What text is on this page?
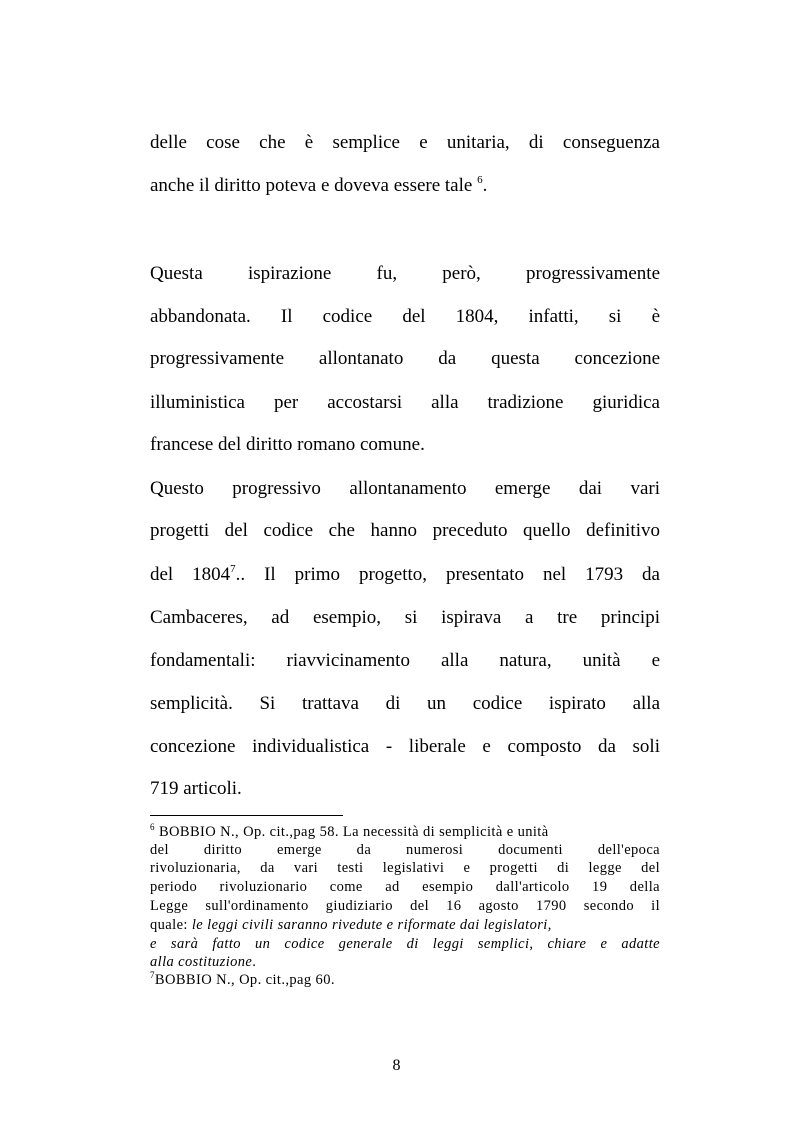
delle cose che è semplice e unitaria, di conseguenza
anche il diritto poteva e doveva essere tale $^6$.
Questa ispirazione fu, però, progressivamente
abbandonata. Il codice del 1804, infatti, si è
progressivamente allontanato da questa concezione
illuministica per accostarsi alla tradizione giuridica
francese del diritto romano comune.
Questo progressivo allontanamento emerge dai vari
progetti del codice che hanno preceduto quello definitivo
del 1804$^7$.. Il primo progetto, presentato nel 1793 da
Cambaceres, ad esempio, si ispirava a tre principi
fondamentali: riavvicinamento alla natura, unità e
semplicità. Si trattava di un codice ispirato alla
concezione individualistica - liberale e composto da soli
719 articoli.
$^6$ BOBBIO N., Op. cit.,pag 58. La necessità di semplicità e unità
del diritto emerge da numerosi documenti dell'epoca
rivoluzionaria, da vari testi legislativi e progetti di legge del
periodo rivoluzionario come ad esempio dall'articolo 19 della
Legge sull'ordinamento giudiziario del 16 agosto 1790 secondo il
quale: le leggi civili saranno rivedute e riformate dai legislatori,
e sarà fatto un codice generale di leggi semplici, chiare e adatte
alla costituzione.
$^7$BOBBIO N., Op. cit.,pag 60.
8
